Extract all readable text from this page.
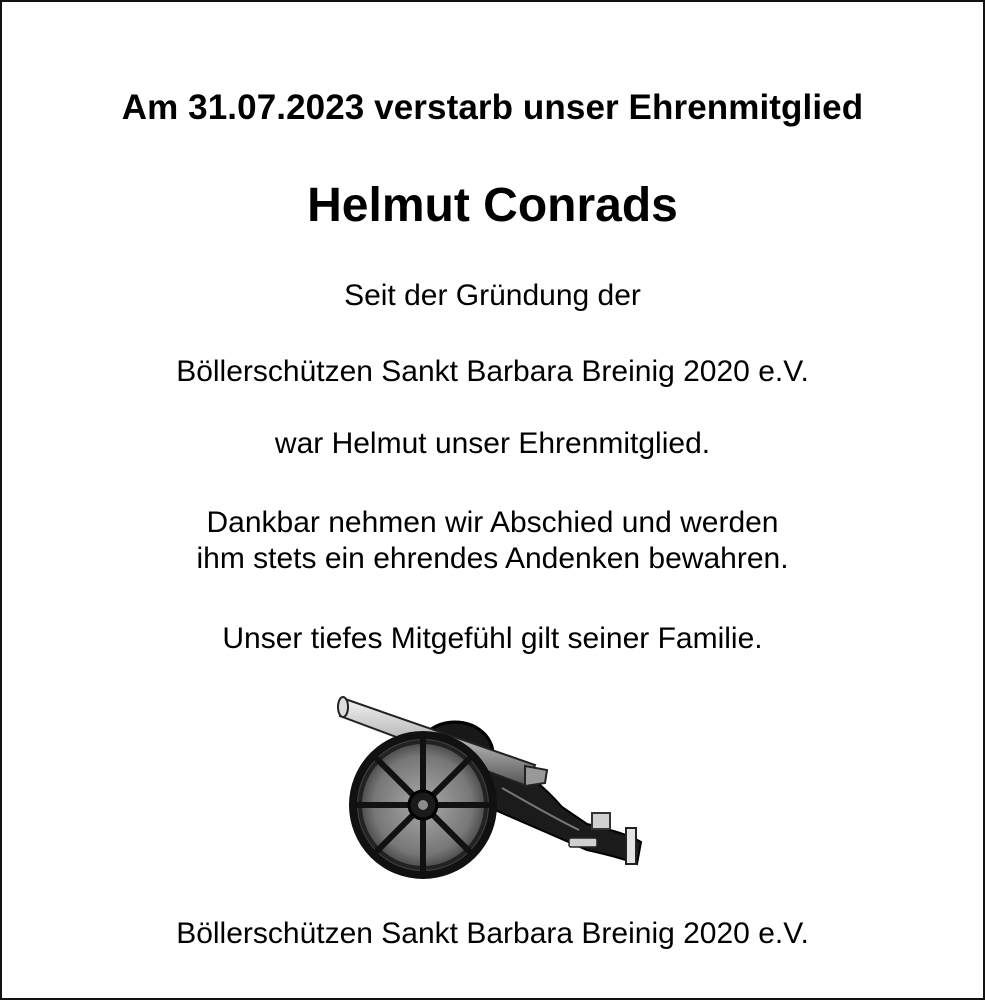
Am 31.07.2023 verstarb unser Ehrenmitglied
Helmut Conrads
Seit der Gründung der
Böllerschützen Sankt Barbara Breinig 2020 e.V.
war Helmut unser Ehrenmitglied.
Dankbar nehmen wir Abschied und werden
ihm stets ein ehrendes Andenken bewahren.
Unser tiefes Mitgefühl gilt seiner Familie.
Böllerschützen Sankt Barbara Breinig 2020 e.V.
